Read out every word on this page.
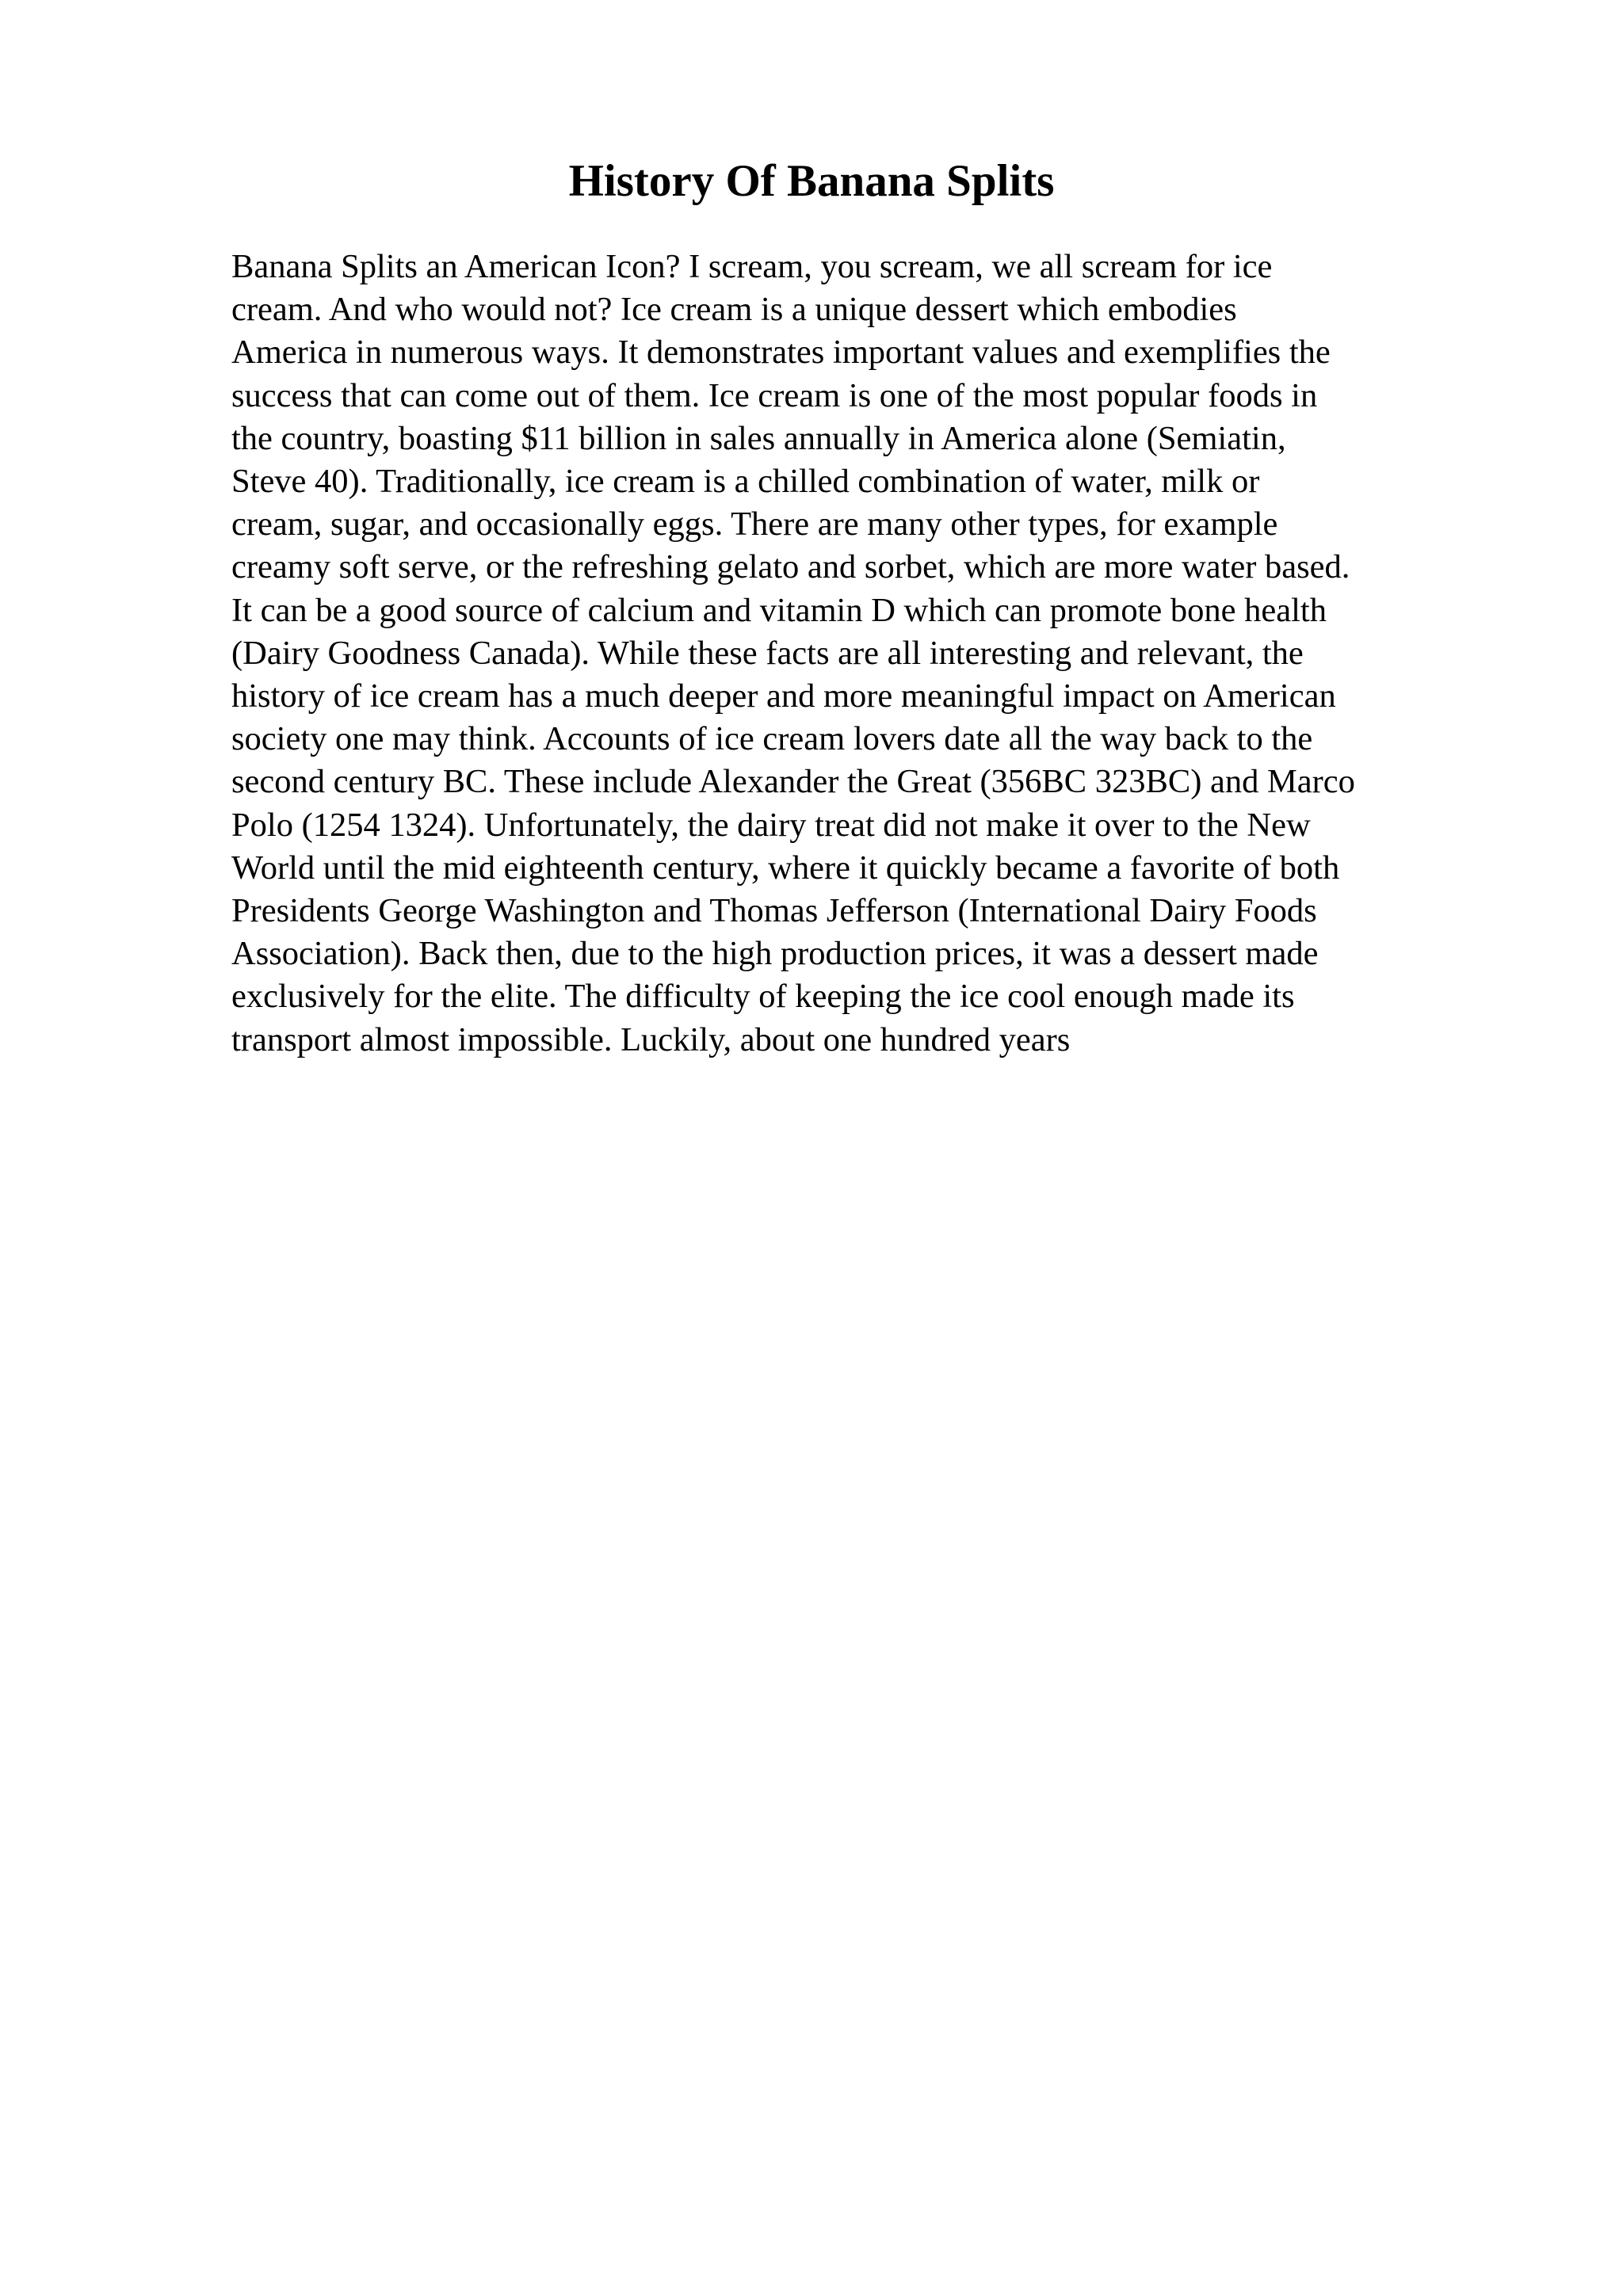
History Of Banana Splits
Banana Splits an American Icon? I scream, you scream, we all scream for ice
cream. And who would not? Ice cream is a unique dessert which embodies
America in numerous ways. It demonstrates important values and exemplifies the
success that can come out of them. Ice cream is one of the most popular foods in
the country, boasting $11 billion in sales annually in America alone (Semiatin,
Steve 40). Traditionally, ice cream is a chilled combination of water, milk or
cream, sugar, and occasionally eggs. There are many other types, for example
creamy soft serve, or the refreshing gelato and sorbet, which are more water based.
It can be a good source of calcium and vitamin D which can promote bone health
(Dairy Goodness Canada). While these facts are all interesting and relevant, the
history of ice cream has a much deeper and more meaningful impact on American
society one may think. Accounts of ice cream lovers date all the way back to the
second century BC. These include Alexander the Great (356BC 323BC) and Marco
Polo (1254 1324). Unfortunately, the dairy treat did not make it over to the New
World until the mid eighteenth century, where it quickly became a favorite of both
Presidents George Washington and Thomas Jefferson (International Dairy Foods
Association). Back then, due to the high production prices, it was a dessert made
exclusively for the elite. The difficulty of keeping the ice cool enough made its
transport almost impossible. Luckily, about one hundred years
